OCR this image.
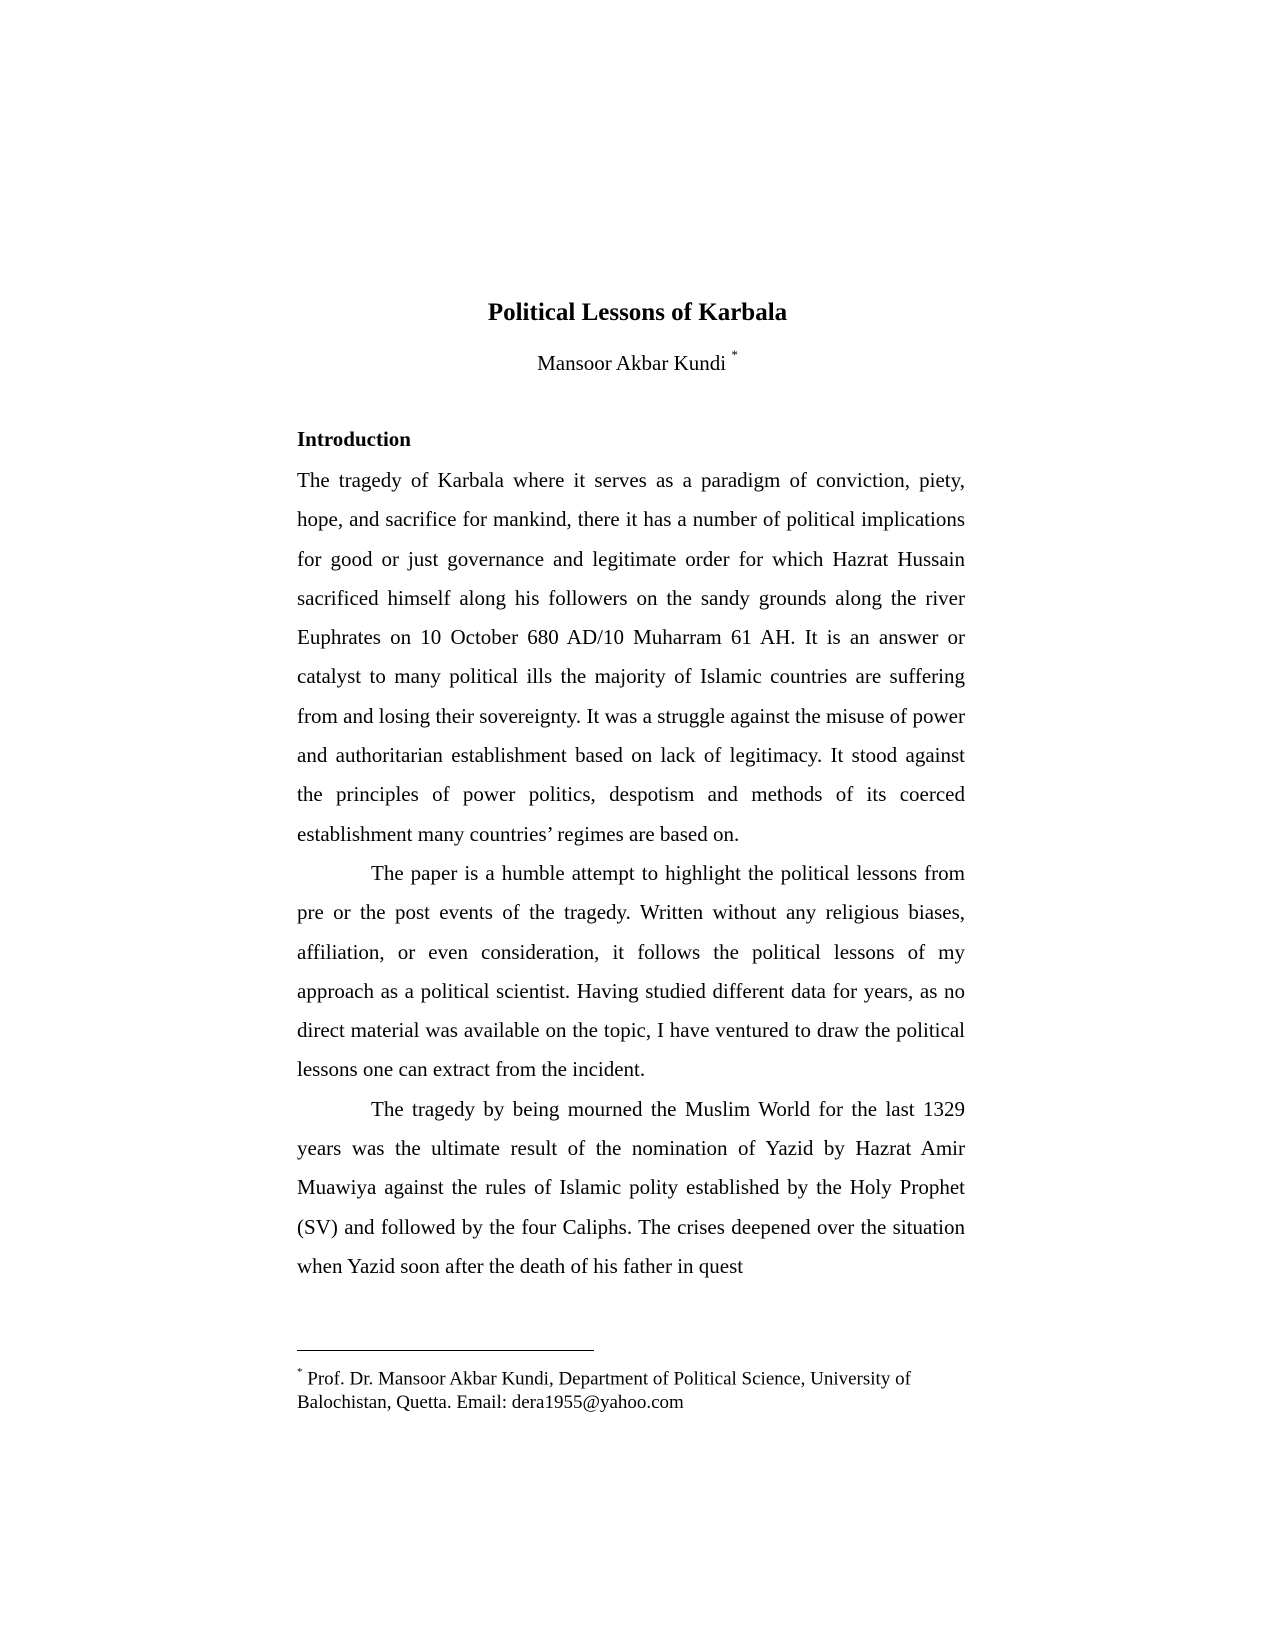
Political Lessons of Karbala
Mansoor Akbar Kundi *
Introduction

The tragedy of Karbala where it serves as a paradigm of conviction, piety, hope, and sacrifice for mankind, there it has a number of political implications for good or just governance and legitimate order for which Hazrat Hussain sacrificed himself along his followers on the sandy grounds along the river Euphrates on 10 October 680 AD/10 Muharram 61 AH. It is an answer or catalyst to many political ills the majority of Islamic countries are suffering from and losing their sovereignty. It was a struggle against the misuse of power and authoritarian establishment based on lack of legitimacy. It stood against the principles of power politics, despotism and methods of its coerced establishment many countries’ regimes are based on.

The paper is a humble attempt to highlight the political lessons from pre or the post events of the tragedy. Written without any religious biases, affiliation, or even consideration, it follows the political lessons of my approach as a political scientist. Having studied different data for years, as no direct material was available on the topic, I have ventured to draw the political lessons one can extract from the incident.

The tragedy by being mourned the Muslim World for the last 1329 years was the ultimate result of the nomination of Yazid by Hazrat Amir Muawiya against the rules of Islamic polity established by the Holy Prophet (SV) and followed by the four Caliphs. The crises deepened over the situation when Yazid soon after the death of his father in quest

* Prof. Dr. Mansoor Akbar Kundi, Department of Political Science, University of Balochistan, Quetta. Email: dera1955@yahoo.com
